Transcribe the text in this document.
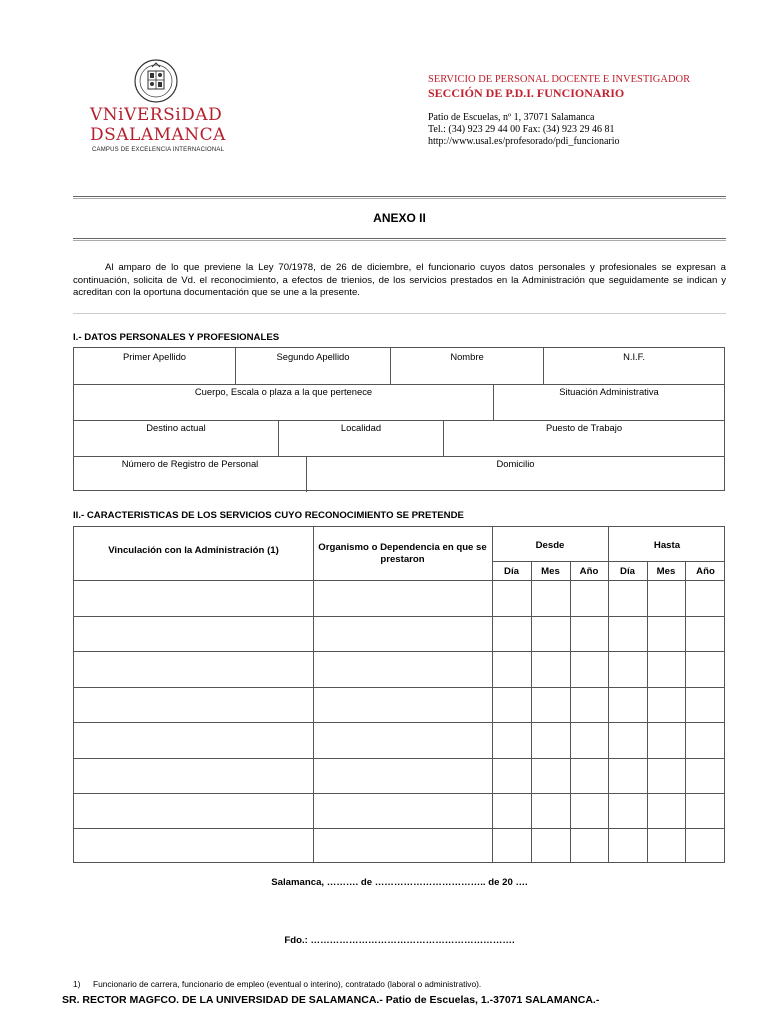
VNiVERSiDAD
DSALAMANCA
CAMPUS DE EXCELENCIA INTERNACIONAL
SERVICIO DE PERSONAL DOCENTE E INVESTIGADOR
SECCIÓN DE P.D.I. FUNCIONARIO
Patio de Escuelas, nº 1, 37071 Salamanca
Tel.: (34) 923 29 44 00 Fax: (34) 923 29 46 81
http://www.usal.es/profesorado/pdi_funcionario
ANEXO II
Al amparo de lo que previene la Ley 70/1978, de 26 de diciembre, el funcionario cuyos datos personales y profesionales se expresan a continuación, solicita de Vd. el reconocimiento, a efectos de trienios, de los servicios prestados en la Administración que seguidamente se indican y acreditan con la oportuna documentación que se une a la presente.
I.- DATOS PERSONALES Y PROFESIONALES
Primer Apellido	Segundo Apellido	Nombre	N.I.F.
Cuerpo, Escala o plaza a la que pertenece	Situación Administrativa
Destino actual	Localidad	Puesto de Trabajo
Número de Registro de Personal	Domicilio
II.- CARACTERISTICAS DE LOS SERVICIOS CUYO RECONOCIMIENTO SE PRETENDE
Vinculación con la Administración (1)	Organismo o Dependencia en que se prestaron
Desde	Hasta
Día	Mes	Año	Día	Mes	Año
Salamanca, ………. de …………………………….. de 20 ….
Fdo.: ……………………………………………………….
1) Funcionario de carrera, funcionario de empleo (eventual o interino), contratado (laboral o administrativo).
SR. RECTOR MAGFCO. DE LA UNIVERSIDAD DE SALAMANCA.- Patio de Escuelas, 1.-37071 SALAMANCA.-
